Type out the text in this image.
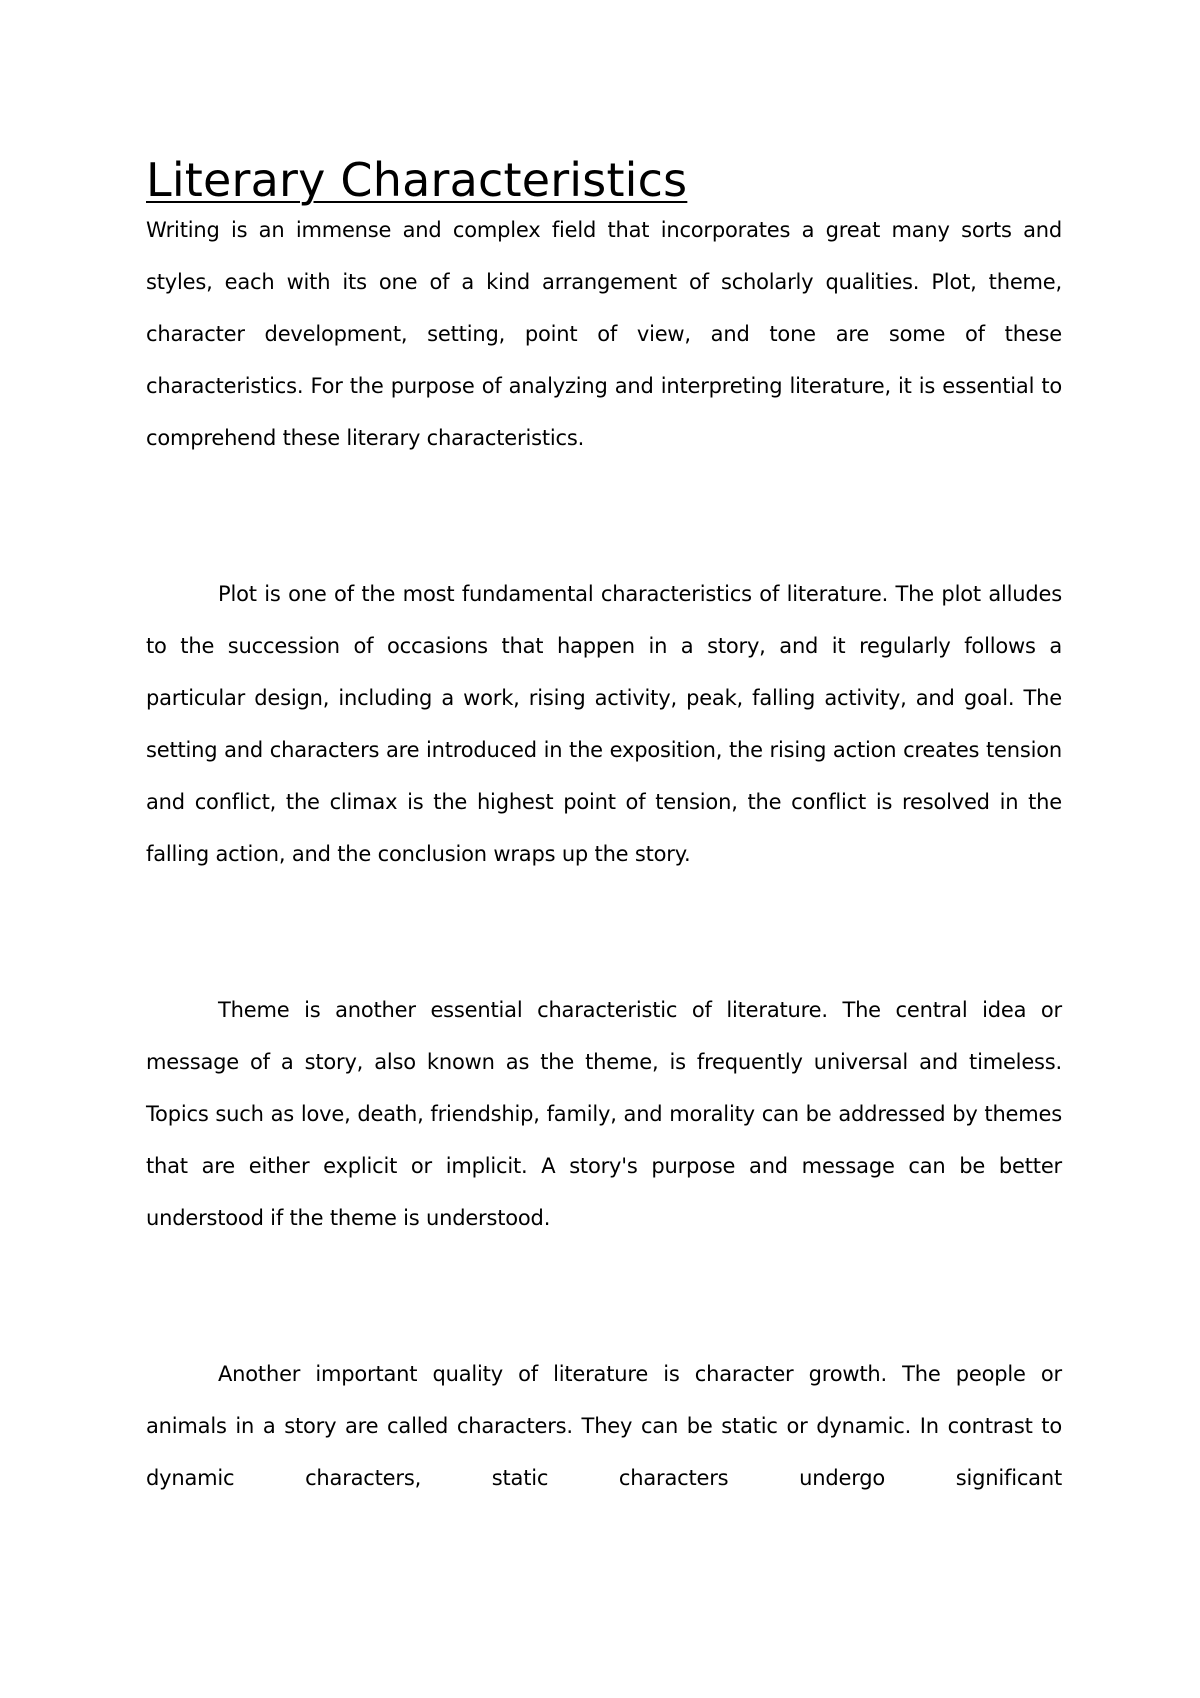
Literary Characteristics

Writing is an immense and complex field that incorporates a great many sorts and styles, each with its one of a kind arrangement of scholarly qualities. Plot, theme, character development, setting, point of view, and tone are some of these characteristics. For the purpose of analyzing and interpreting literature, it is essential to comprehend these literary characteristics.

Plot is one of the most fundamental characteristics of literature. The plot alludes to the succession of occasions that happen in a story, and it regularly follows a particular design, including a work, rising activity, peak, falling activity, and goal. The setting and characters are introduced in the exposition, the rising action creates tension and conflict, the climax is the highest point of tension, the conflict is resolved in the falling action, and the conclusion wraps up the story.

Theme is another essential characteristic of literature. The central idea or message of a story, also known as the theme, is frequently universal and timeless. Topics such as love, death, friendship, family, and morality can be addressed by themes that are either explicit or implicit. A story's purpose and message can be better understood if the theme is understood.

Another important quality of literature is character growth. The people or animals in a story are called characters. They can be static or dynamic. In contrast to dynamic characters, static characters undergo significant
